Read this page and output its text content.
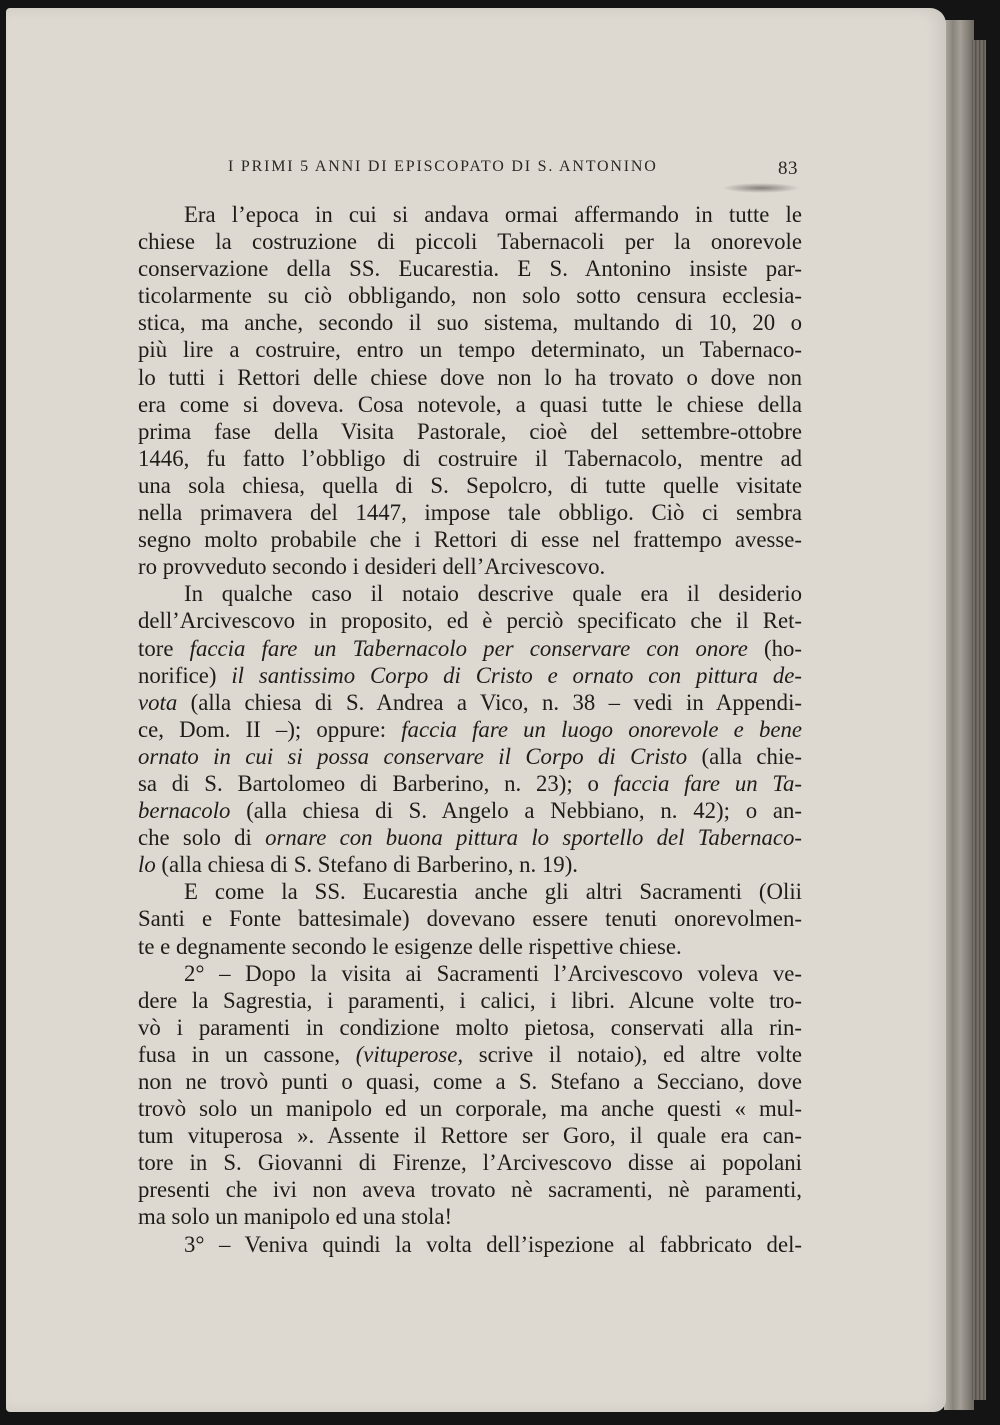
I PRIMI 5 ANNI DI EPISCOPATO DI S. ANTONINO	83
Era l’epoca in cui si andava ormai affermando in tutte le
chiese la costruzione di piccoli Tabernacoli per la onorevole
conservazione della SS. Eucarestia. E S. Antonino insiste par-
ticolarmente su ciò obbligando, non solo sotto censura ecclesia-
stica, ma anche, secondo il suo sistema, multando di 10, 20 o
più lire a costruire, entro un tempo determinato, un Tabernaco-
lo tutti i Rettori delle chiese dove non lo ha trovato o dove non
era come si doveva. Cosa notevole, a quasi tutte le chiese della
prima fase della Visita Pastorale, cioè del settembre-ottobre
1446, fu fatto l’obbligo di costruire il Tabernacolo, mentre ad
una sola chiesa, quella di S. Sepolcro, di tutte quelle visitate
nella primavera del 1447, impose tale obbligo. Ciò ci sembra
segno molto probabile che i Rettori di esse nel frattempo avesse-
ro provveduto secondo i desideri dell’Arcivescovo.
In qualche caso il notaio descrive quale era il desiderio
dell’Arcivescovo in proposito, ed è perciò specificato che il Ret-
tore faccia fare un Tabernacolo per conservare con onore (ho-
norifice) il santissimo Corpo di Cristo e ornato con pittura de-
vota (alla chiesa di S. Andrea a Vico, n. 38 – vedi in Appendi-
ce, Dom. II –); oppure: faccia fare un luogo onorevole e bene
ornato in cui si possa conservare il Corpo di Cristo (alla chie-
sa di S. Bartolomeo di Barberino, n. 23); o faccia fare un Ta-
bernacolo (alla chiesa di S. Angelo a Nebbiano, n. 42); o an-
che solo di ornare con buona pittura lo sportello del Tabernaco-
lo (alla chiesa di S. Stefano di Barberino, n. 19).
E come la SS. Eucarestia anche gli altri Sacramenti (Olii
Santi e Fonte battesimale) dovevano essere tenuti onorevolmen-
te e degnamente secondo le esigenze delle rispettive chiese.
2° – Dopo la visita ai Sacramenti l’Arcivescovo voleva ve-
dere la Sagrestia, i paramenti, i calici, i libri. Alcune volte tro-
vò i paramenti in condizione molto pietosa, conservati alla rin-
fusa in un cassone, (vituperose, scrive il notaio), ed altre volte
non ne trovò punti o quasi, come a S. Stefano a Secciano, dove
trovò solo un manipolo ed un corporale, ma anche questi « mul-
tum vituperosa ». Assente il Rettore ser Goro, il quale era can-
tore in S. Giovanni di Firenze, l’Arcivescovo disse ai popolani
presenti che ivi non aveva trovato nè sacramenti, nè paramenti,
ma solo un manipolo ed una stola!
3° – Veniva quindi la volta dell’ispezione al fabbricato del-
